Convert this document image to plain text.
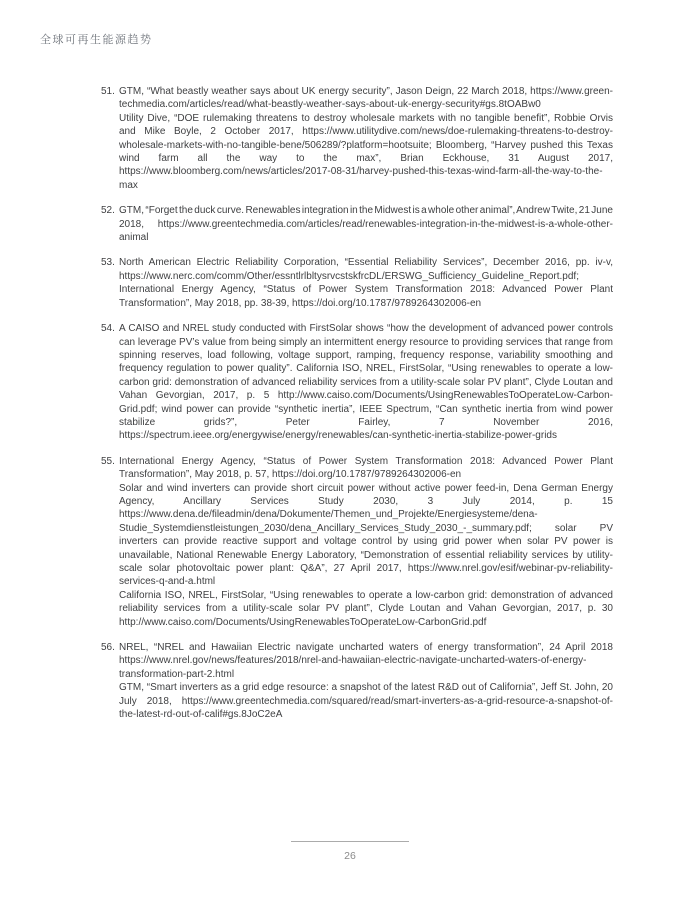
全球可再生能源趋势
51. GTM, “What beastly weather says about UK energy security”, Jason Deign, 22 March 2018, https://www.green-techmedia.com/articles/read/what-beastly-weather-says-about-uk-energy-security#gs.8tOABw0
Utility Dive, “DOE rulemaking threatens to destroy wholesale markets with no tangible benefit”, Robbie Orvis and Mike Boyle, 2 October 2017, https://www.utilitydive.com/news/doe-rulemaking-threatens-to-destroy-wholesale-markets-with-no-tangible-bene/506289/?platform=hootsuite; Bloomberg, “Harvey pushed this Texas wind farm all the way to the max”, Brian Eckhouse, 31 August 2017, https://www.bloomberg.com/news/articles/2017-08-31/harvey-pushed-this-texas-wind-farm-all-the-way-to-the-max
52. GTM, “Forget the duck curve. Renewables integration in the Midwest is a whole other animal”, Andrew Twite, 21 June 2018, https://www.greentechmedia.com/articles/read/renewables-integration-in-the-midwest-is-a-whole-other-animal
53. North American Electric Reliability Corporation, “Essential Reliability Services”, December 2016, pp. iv-v, https://www.nerc.com/comm/Other/essntlrlbltysrvcstskfrcDL/ERSWG_Sufficiency_Guideline_Report.pdf; International Energy Agency, “Status of Power System Transformation 2018: Advanced Power Plant Transformation”, May 2018, pp. 38-39, https://doi.org/10.1787/9789264302006-en
54. A CAISO and NREL study conducted with FirstSolar shows “how the development of advanced power controls can leverage PV’s value from being simply an intermittent energy resource to providing services that range from spinning reserves, load following, voltage support, ramping, frequency response, variability smoothing and frequency regulation to power quality”. California ISO, NREL, FirstSolar, “Using renewables to operate a low-carbon grid: demonstration of advanced reliability services from a utility-scale solar PV plant”, Clyde Loutan and Vahan Gevorgian, 2017, p. 5 http://www.caiso.com/Documents/UsingRenewablesToOperateLow-Carbon-Grid.pdf; wind power can provide “synthetic inertia”, IEEE Spectrum, “Can synthetic inertia from wind power stabilize grids?”, Peter Fairley, 7 November 2016, https://spectrum.ieee.org/energywise/energy/renewables/can-synthetic-inertia-stabilize-power-grids
55. International Energy Agency, “Status of Power System Transformation 2018: Advanced Power Plant Transformation”, May 2018, p. 57, https://doi.org/10.1787/9789264302006-en
Solar and wind inverters can provide short circuit power without active power feed-in, Dena German Energy Agency, Ancillary Services Study 2030, 3 July 2014, p. 15 https://www.dena.de/fileadmin/dena/Dokumente/Themen_und_Projekte/Energiesysteme/dena-Studie_Systemdienstleistungen_2030/dena_Ancillary_Services_Study_2030_-_summary.pdf; solar PV inverters can provide reactive support and voltage control by using grid power when solar PV power is unavailable, National Renewable Energy Laboratory, “Demonstration of essential reliability services by utility-scale solar photovoltaic power plant: Q&A”, 27 April 2017, https://www.nrel.gov/esif/webinar-pv-reliability-services-q-and-a.html
California ISO, NREL, FirstSolar, “Using renewables to operate a low-carbon grid: demonstration of advanced reliability services from a utility-scale solar PV plant”, Clyde Loutan and Vahan Gevorgian, 2017, p. 30 http://www.caiso.com/Documents/UsingRenewablesToOperateLow-CarbonGrid.pdf
56. NREL, “NREL and Hawaiian Electric navigate uncharted waters of energy transformation”, 24 April 2018 https://www.nrel.gov/news/features/2018/nrel-and-hawaiian-electric-navigate-uncharted-waters-of-energy-transformation-part-2.html
GTM, “Smart inverters as a grid edge resource: a snapshot of the latest R&D out of California”, Jeff St. John, 20 July 2018, https://www.greentechmedia.com/squared/read/smart-inverters-as-a-grid-resource-a-snapshot-of-the-latest-rd-out-of-calif#gs.8JoC2eA
26
